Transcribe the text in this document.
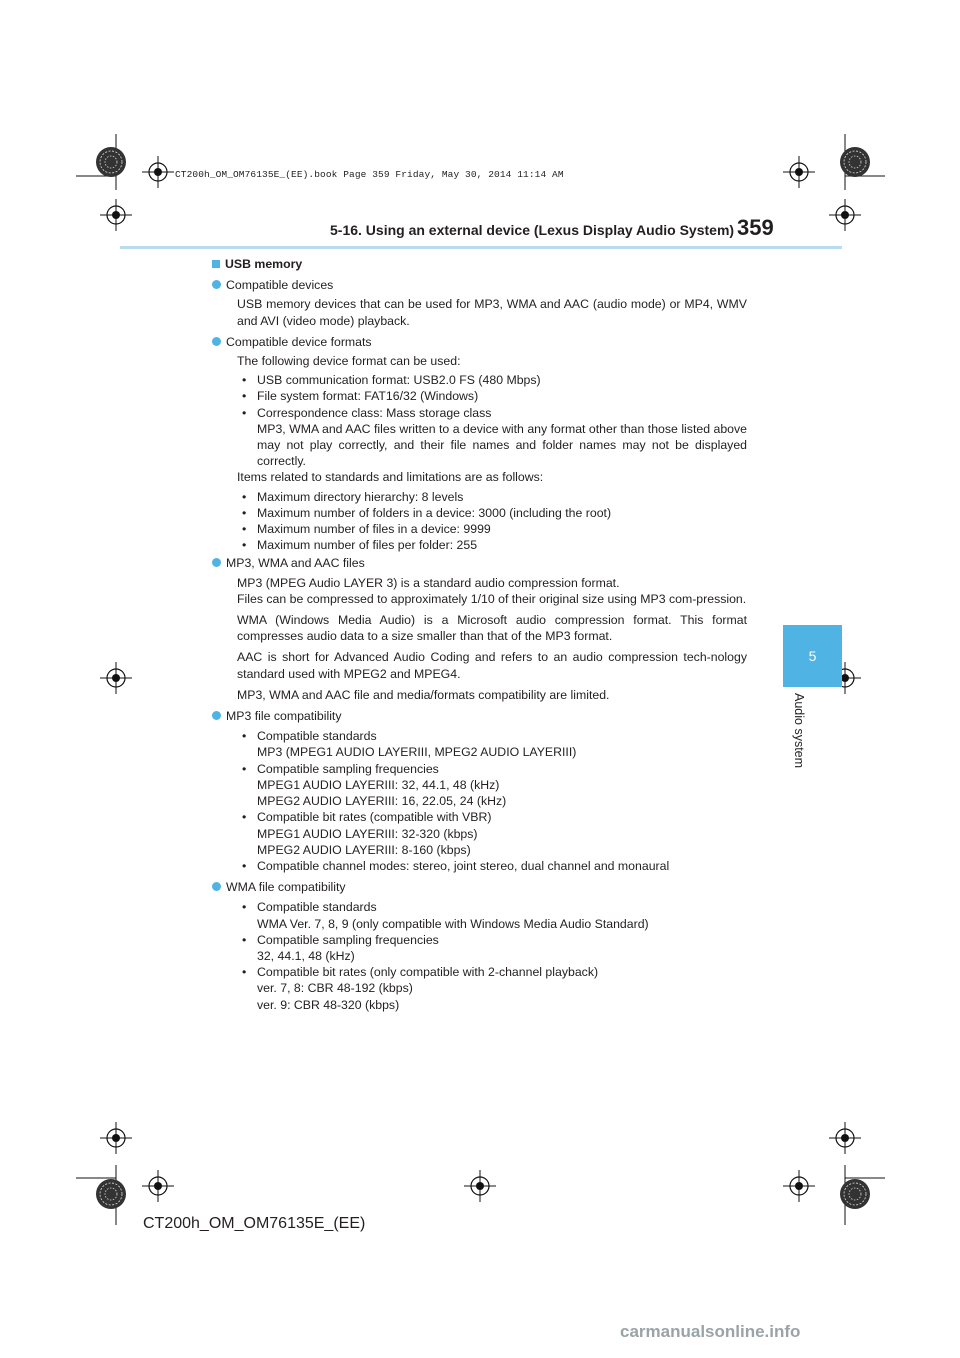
CT200h_OM_OM76135E_(EE).book Page 359 Friday, May 30, 2014 11:14 AM
5-16. Using an external device (Lexus Display Audio System) 359
5
Audio system
USB memory
Compatible devices
USB memory devices that can be used for MP3, WMA and AAC (audio mode) or MP4, WMV and AVI (video mode) playback.
Compatible device formats
The following device format can be used:
• USB communication format: USB2.0 FS (480 Mbps)
• File system format: FAT16/32 (Windows)
• Correspondence class: Mass storage class
MP3, WMA and AAC files written to a device with any format other than those listed above may not play correctly, and their file names and folder names may not be displayed correctly.
Items related to standards and limitations are as follows:
• Maximum directory hierarchy: 8 levels
• Maximum number of folders in a device: 3000 (including the root)
• Maximum number of files in a device: 9999
• Maximum number of files per folder: 255
MP3, WMA and AAC files
MP3 (MPEG Audio LAYER 3) is a standard audio compression format.
Files can be compressed to approximately 1/10 of their original size using MP3 com-pression.
WMA (Windows Media Audio) is a Microsoft audio compression format. This format compresses audio data to a size smaller than that of the MP3 format.
AAC is short for Advanced Audio Coding and refers to an audio compression tech-nology standard used with MPEG2 and MPEG4.
MP3, WMA and AAC file and media/formats compatibility are limited.
MP3 file compatibility
• Compatible standards
MP3 (MPEG1 AUDIO LAYERIII, MPEG2 AUDIO LAYERIII)
• Compatible sampling frequencies
MPEG1 AUDIO LAYERIII: 32, 44.1, 48 (kHz)
MPEG2 AUDIO LAYERIII: 16, 22.05, 24 (kHz)
• Compatible bit rates (compatible with VBR)
MPEG1 AUDIO LAYERIII: 32-320 (kbps)
MPEG2 AUDIO LAYERIII: 8-160 (kbps)
• Compatible channel modes: stereo, joint stereo, dual channel and monaural
WMA file compatibility
• Compatible standards
WMA Ver. 7, 8, 9 (only compatible with Windows Media Audio Standard)
• Compatible sampling frequencies
32, 44.1, 48 (kHz)
• Compatible bit rates (only compatible with 2-channel playback)
ver. 7, 8: CBR 48-192 (kbps)
ver. 9: CBR 48-320 (kbps)
CT200h_OM_OM76135E_(EE)
carmanualsonline.info
